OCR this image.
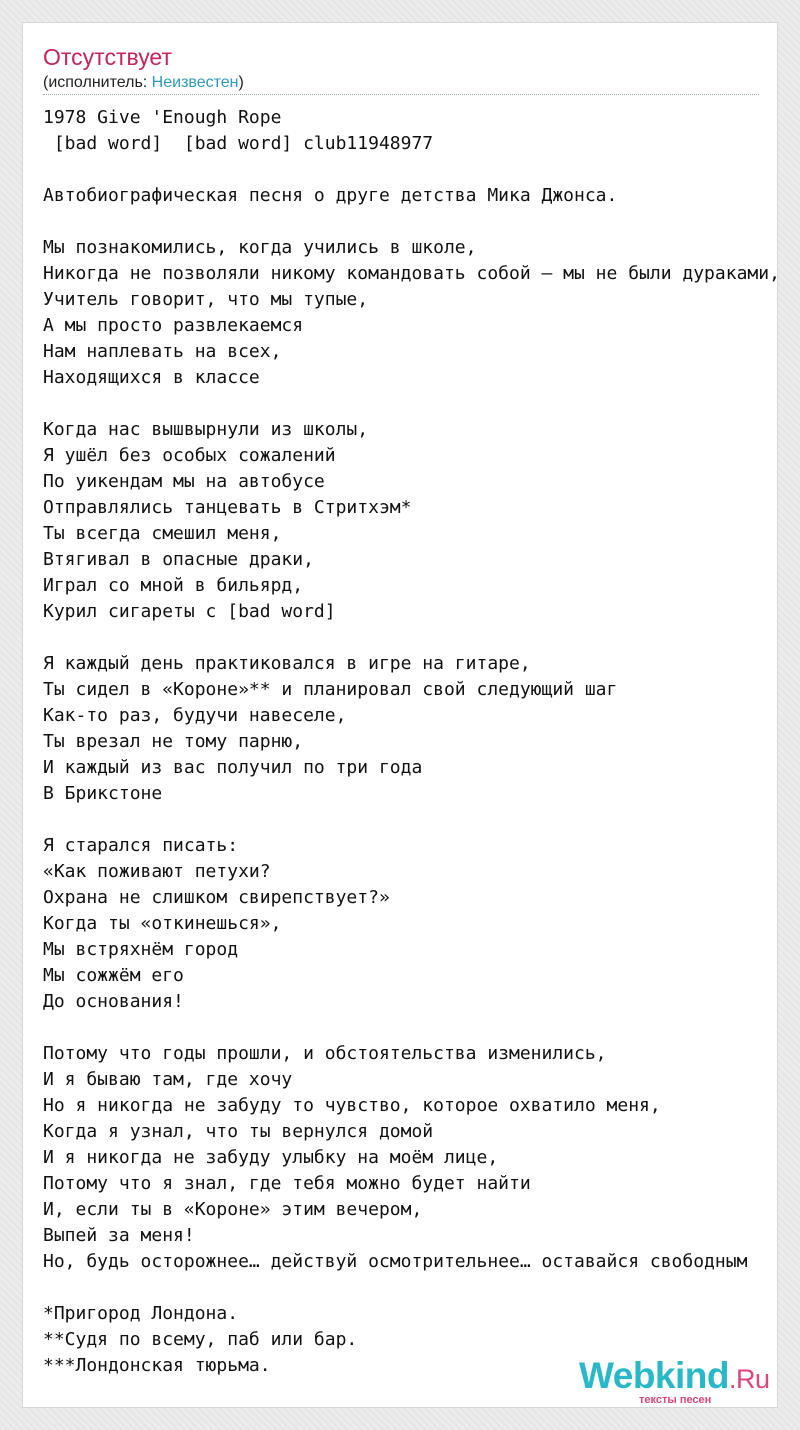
Отсутствует
(исполнитель: Неизвестен)
1978 Give 'Enough Rope
[bad word]  [bad word] club11948977

Автобиографическая песня о друге детства Мика Джонса.

Мы познакомились, когда учились в школе,
Никогда не позволяли никому командовать собой – мы не были дураками,
Учитель говорит, что мы тупые,
А мы просто развлекаемся
Нам наплевать на всех,
Находящихся в классе

Когда нас вышвырнули из школы,
Я ушёл без особых сожалений
По уикендам мы на автобусе
Отправлялись танцевать в Стритхэм*
Ты всегда смешил меня,
Втягивал в опасные драки,
Играл со мной в бильярд,
Курил сигареты с [bad word]

Я каждый день практиковался в игре на гитаре,
Ты сидел в «Короне»** и планировал свой следующий шаг
Как-то раз, будучи навеселе,
Ты врезал не тому парню,
И каждый из вас получил по три года
В Брикстоне

Я старался писать:
«Как поживают петухи?
Охрана не слишком свирепствует?»
Когда ты «откинешься»,
Мы встряхнём город
Мы сожжём его
До основания!

Потому что годы прошли, и обстоятельства изменились,
И я бываю там, где хочу
Но я никогда не забуду то чувство, которое охватило меня,
Когда я узнал, что ты вернулся домой
И я никогда не забуду улыбку на моём лице,
Потому что я знал, где тебя можно будет найти
И, если ты в «Короне» этим вечером,
Выпей за меня!
Но, будь осторожнее… действуй осмотрительнее… оставайся свободным

*Пригород Лондона.
**Судя по всему, паб или бар.
***Лондонская тюрьма.	Webkind.Ru
тексты песен
